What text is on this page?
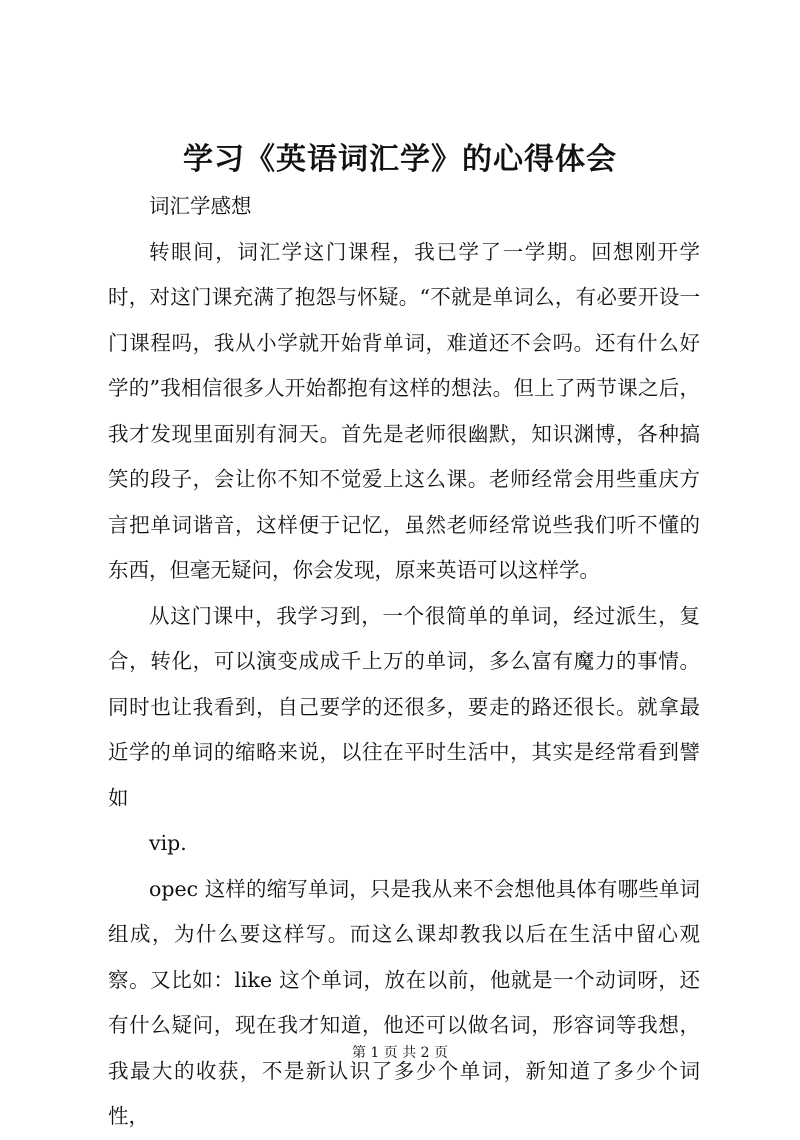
学习《英语词汇学》的心得体会

词汇学感想

转眼间，词汇学这门课程，我已学了一学期。回想刚开学时，对这门课充满了抱怨与怀疑。“不就是单词么，有必要开设一门课程吗，我从小学就开始背单词，难道还不会吗。还有什么好学的”我相信很多人开始都抱有这样的想法。但上了两节课之后，我才发现里面别有洞天。首先是老师很幽默，知识渊博，各种搞笑的段子，会让你不知不觉爱上这么课。老师经常会用些重庆方言把单词谐音，这样便于记忆，虽然老师经常说些我们听不懂的东西，但毫无疑问，你会发现，原来英语可以这样学。

从这门课中，我学习到，一个很简单的单词，经过派生，复合，转化，可以演变成成千上万的单词，多么富有魔力的事情。同时也让我看到，自己要学的还很多，要走的路还很长。就拿最近学的单词的缩略来说，以往在平时生活中，其实是经常看到譬如

vip.

opec 这样的缩写单词，只是我从来不会想他具体有哪些单词组成，为什么要这样写。而这么课却教我以后在生活中留心观察。又比如：like 这个单词，放在以前，他就是一个动词呀，还有什么疑问，现在我才知道，他还可以做名词，形容词等我想，我最大的收获，不是新认识了多少个单词，新知道了多少个词性，

第 1 页 共 2 页
